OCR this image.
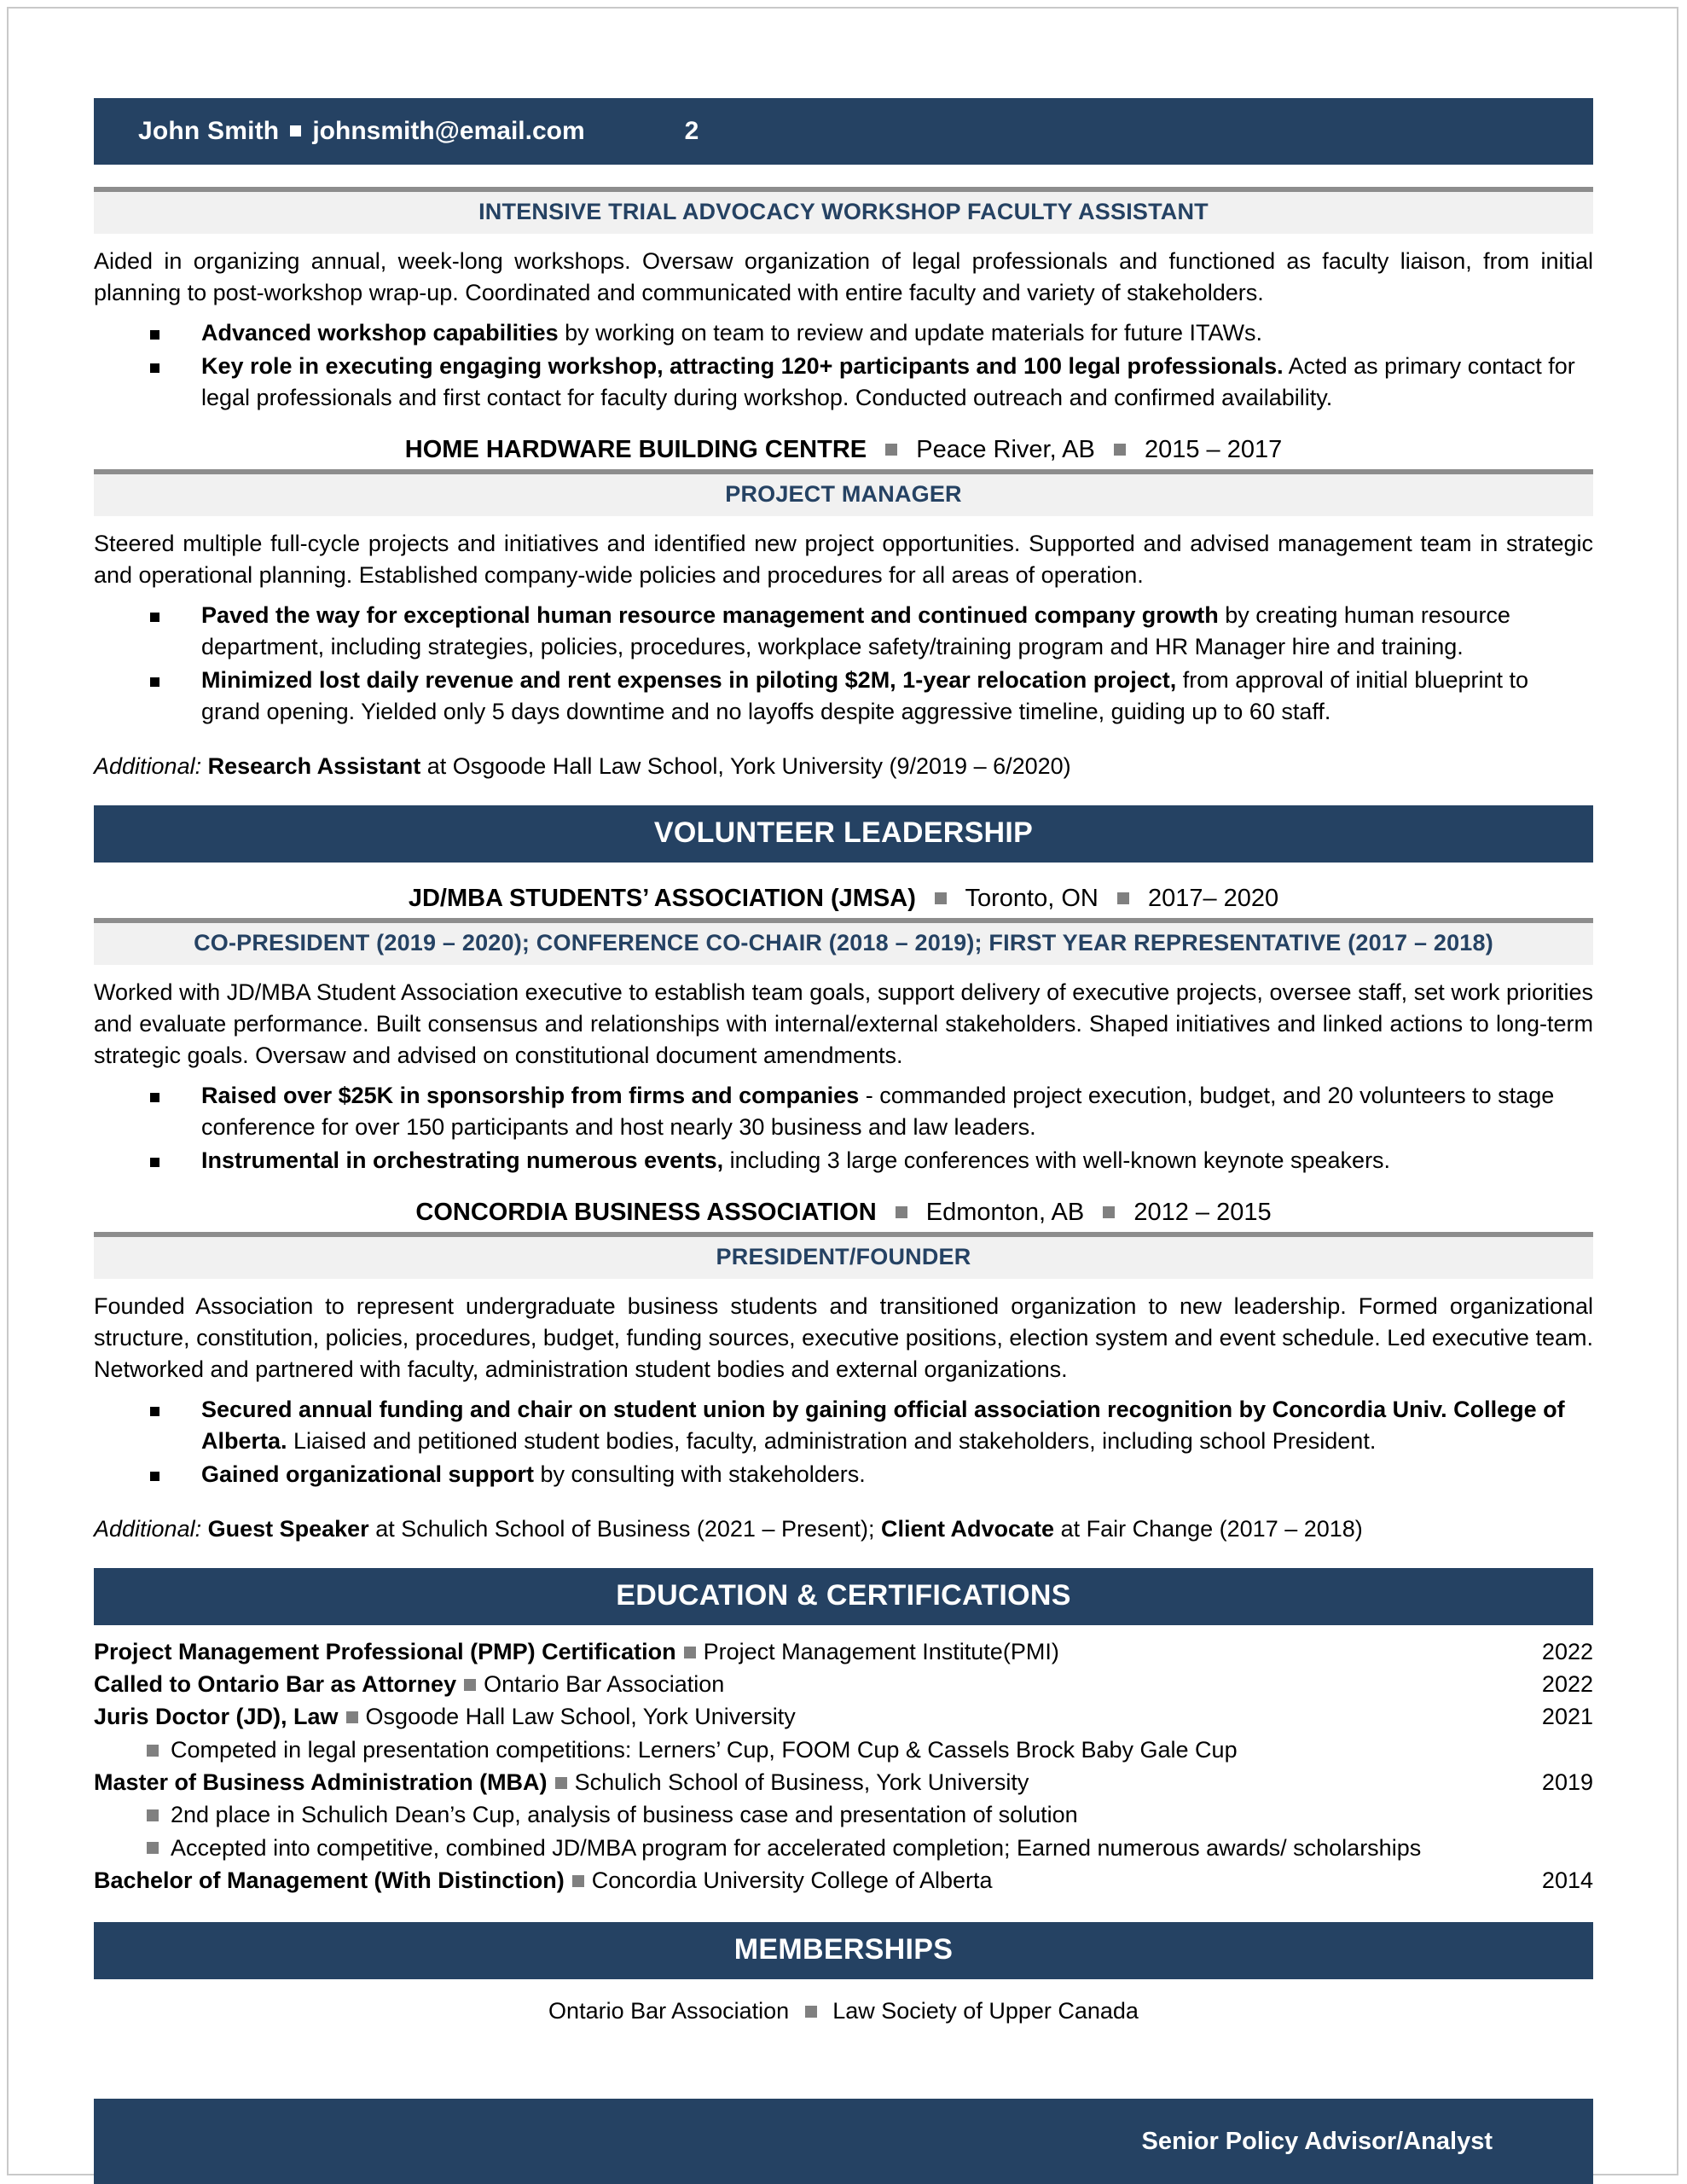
John Smith johnsmith@email.com	2
INTENSIVE TRIAL ADVOCACY WORKSHOP FACULTY ASSISTANT

Aided in organizing annual, week-long workshops. Oversaw organization of legal professionals and functioned as faculty liaison, from initial planning to post-workshop wrap-up. Coordinated and communicated with entire faculty and variety of stakeholders.

Advanced workshop capabilities by working on team to review and update materials for future ITAWs.
Key role in executing engaging workshop, attracting 120+ participants and 100 legal professionals. Acted as primary contact for legal professionals and first contact for faculty during workshop. Conducted outreach and confirmed availability.
HOME HARDWARE BUILDING CENTRE Peace River, AB 2015 – 2017
PROJECT MANAGER

Steered multiple full-cycle projects and initiatives and identified new project opportunities. Supported and advised management team in strategic and operational planning. Established company-wide policies and procedures for all areas of operation.

Paved the way for exceptional human resource management and continued company growth by creating human resource department, including strategies, policies, procedures, workplace safety/training program and HR Manager hire and training.
Minimized lost daily revenue and rent expenses in piloting $2M, 1-year relocation project, from approval of initial blueprint to grand opening. Yielded only 5 days downtime and no layoffs despite aggressive timeline, guiding up to 60 staff.

Additional: Research Assistant at Osgoode Hall Law School, York University (9/2019 – 6/2020)

VOLUNTEER LEADERSHIP
JD/MBA STUDENTS’ ASSOCIATION (JMSA) Toronto, ON 2017– 2020
CO-PRESIDENT (2019 – 2020); CONFERENCE CO-CHAIR (2018 – 2019); FIRST YEAR REPRESENTATIVE (2017 – 2018)

Worked with JD/MBA Student Association executive to establish team goals, support delivery of executive projects, oversee staff, set work priorities and evaluate performance. Built consensus and relationships with internal/external stakeholders. Shaped initiatives and linked actions to long-term strategic goals. Oversaw and advised on constitutional document amendments.

Raised over $25K in sponsorship from firms and companies - commanded project execution, budget, and 20 volunteers to stage conference for over 150 participants and host nearly 30 business and law leaders.
Instrumental in orchestrating numerous events, including 3 large conferences with well-known keynote speakers.
CONCORDIA BUSINESS ASSOCIATION Edmonton, AB 2012 – 2015
PRESIDENT/FOUNDER

Founded Association to represent undergraduate business students and transitioned organization to new leadership. Formed organizational structure, constitution, policies, procedures, budget, funding sources, executive positions, election system and event schedule. Led executive team. Networked and partnered with faculty, administration student bodies and external organizations.

Secured annual funding and chair on student union by gaining official association recognition by Concordia Univ. College of Alberta. Liaised and petitioned student bodies, faculty, administration and stakeholders, including school President.
Gained organizational support by consulting with stakeholders.

Additional: Guest Speaker at Schulich School of Business (2021 – Present); Client Advocate at Fair Change (2017 – 2018)

EDUCATION & CERTIFICATIONS
Project Management Professional (PMP) Certification Project Management Institute(PMI)	2022
Called to Ontario Bar as Attorney Ontario Bar Association	2022
Juris Doctor (JD), Law Osgoode Hall Law School, York University	2021
Competed in legal presentation competitions: Lerners’ Cup, FOOM Cup & Cassels Brock Baby Gale Cup
Master of Business Administration (MBA) Schulich School of Business, York University	2019
2nd place in Schulich Dean’s Cup, analysis of business case and presentation of solution
Accepted into competitive, combined JD/MBA program for accelerated completion; Earned numerous awards/ scholarships
Bachelor of Management (With Distinction) Concordia University College of Alberta	2014
MEMBERSHIPS
Ontario Bar Association Law Society of Upper Canada
Senior Policy Advisor/Analyst
